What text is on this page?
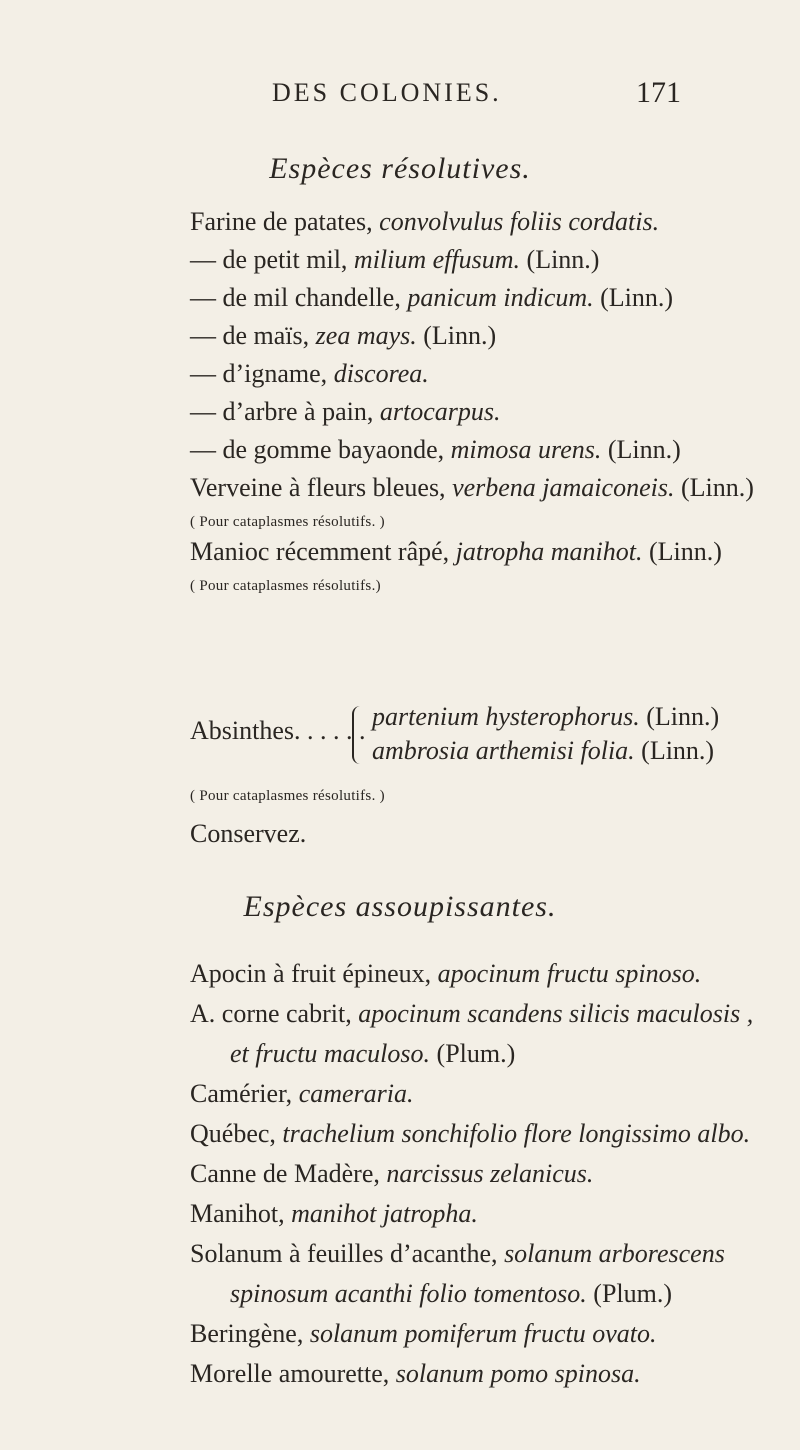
DES COLONIES.	171
Espèces résolutives.
Farine de patates, convolvulus foliis cordatis.
— de petit mil, milium effusum. (Linn.)
— de mil chandelle, panicum indicum. (Linn.)
— de maïs, zea mays. (Linn.)
— d’igname, discorea.
— d’arbre à pain, artocarpus.
— de gomme bayaonde, mimosa urens. (Linn.)
Verveine à fleurs bleues, verbena jamaiconeis. (Linn.)
( Pour cataplasmes résolutifs. )
Manioc récemment râpé, jatropha manihot. (Linn.)
( Pour cataplasmes résolutifs.)
Absinthes. . . . . . partenium hysterophorus. (Linn.)
ambrosia arthemisi folia. (Linn.)
( Pour cataplasmes résolutifs. )
Conservez.
Espèces assoupissantes.
Apocin à fruit épineux, apocinum fructu spinoso.
A. corne cabrit, apocinum scandens silicis maculosis ,
et fructu maculoso. (Plum.)
Camérier, cameraria.
Québec, trachelium sonchifolio flore longissimo albo.
Canne de Madère, narcissus zelanicus.
Manihot, manihot jatropha.
Solanum à feuilles d’acanthe, solanum arborescens
spinosum acanthi folio tomentoso. (Plum.)
Beringène, solanum pomiferum fructu ovato.
Morelle amourette, solanum pomo spinosa.
